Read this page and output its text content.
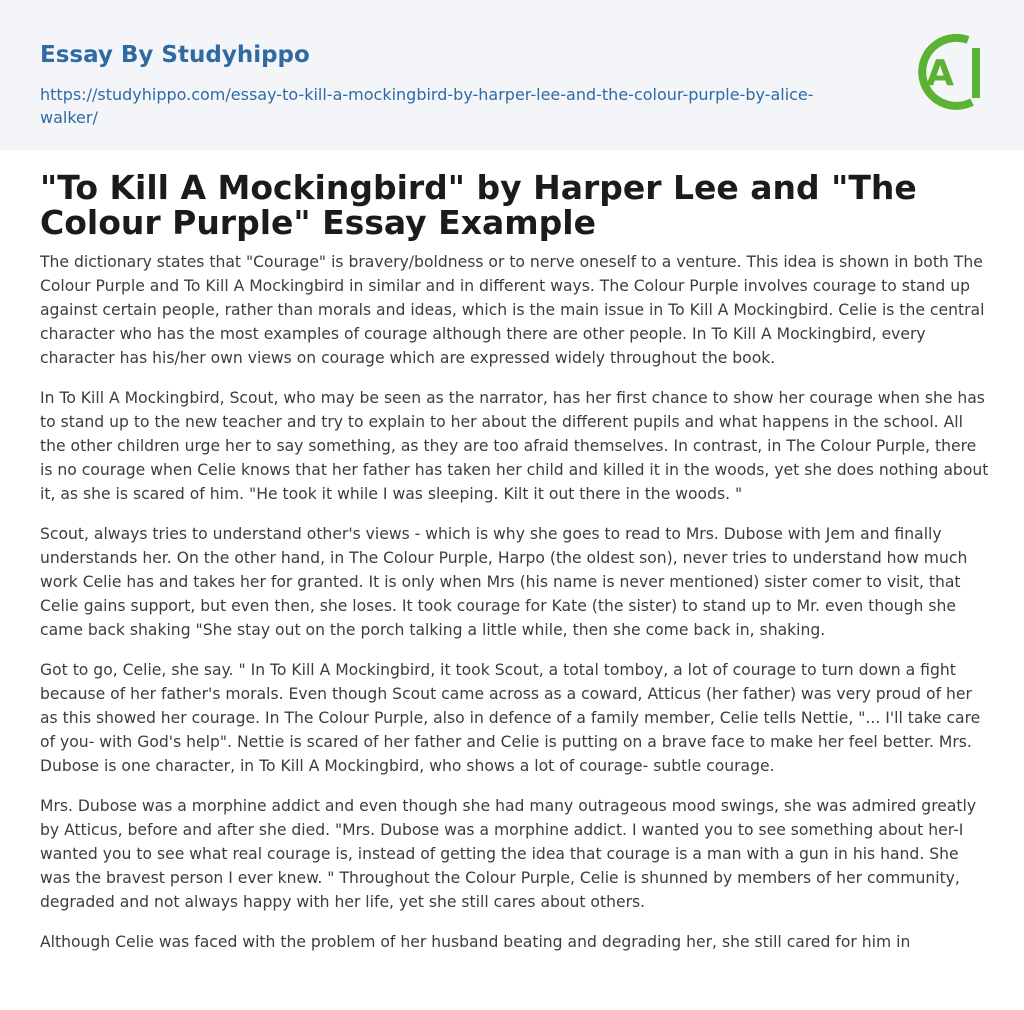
Essay By Studyhippo
https://studyhippo.com/essay-to-kill-a-mockingbird-by-harper-lee-and-the-colour-purple-by-alice-walker/
A
"To Kill A Mockingbird" by Harper Lee and "The Colour Purple" Essay Example

The dictionary states that "Courage" is bravery/boldness or to nerve oneself to a venture. This idea is shown in both The Colour Purple and To Kill A Mockingbird in similar and in different ways. The Colour Purple involves courage to stand up against certain people, rather than morals and ideas, which is the main issue in To Kill A Mockingbird. Celie is the central character who has the most examples of courage although there are other people. In To Kill A Mockingbird, every character has his/her own views on courage which are expressed widely throughout the book.

In To Kill A Mockingbird, Scout, who may be seen as the narrator, has her first chance to show her courage when she has to stand up to the new teacher and try to explain to her about the different pupils and what happens in the school. All the other children urge her to say something, as they are too afraid themselves. In contrast, in The Colour Purple, there is no courage when Celie knows that her father has taken her child and killed it in the woods, yet she does nothing about it, as she is scared of him. "He took it while I was sleeping. Kilt it out there in the woods. "

Scout, always tries to understand other's views - which is why she goes to read to Mrs. Dubose with Jem and finally understands her. On the other hand, in The Colour Purple, Harpo (the oldest son), never tries to understand how much work Celie has and takes her for granted. It is only when Mrs (his name is never mentioned) sister comer to visit, that Celie gains support, but even then, she loses. It took courage for Kate (the sister) to stand up to Mr. even though she came back shaking "She stay out on the porch talking a little while, then she come back in, shaking.

Got to go, Celie, she say. " In To Kill A Mockingbird, it took Scout, a total tomboy, a lot of courage to turn down a fight because of her father's morals. Even though Scout came across as a coward, Atticus (her father) was very proud of her as this showed her courage. In The Colour Purple, also in defence of a family member, Celie tells Nettie, "... I'll take care of you- with God's help". Nettie is scared of her father and Celie is putting on a brave face to make her feel better. Mrs. Dubose is one character, in To Kill A Mockingbird, who shows a lot of courage- subtle courage.

Mrs. Dubose was a morphine addict and even though she had many outrageous mood swings, she was admired greatly by Atticus, before and after she died. "Mrs. Dubose was a morphine addict. I wanted you to see something about her-I wanted you to see what real courage is, instead of getting the idea that courage is a man with a gun in his hand. She was the bravest person I ever knew. " Throughout the Colour Purple, Celie is shunned by members of her community, degraded and not always happy with her life, yet she still cares about others.

Although Celie was faced with the problem of her husband beating and degrading her, she still cared for him in
